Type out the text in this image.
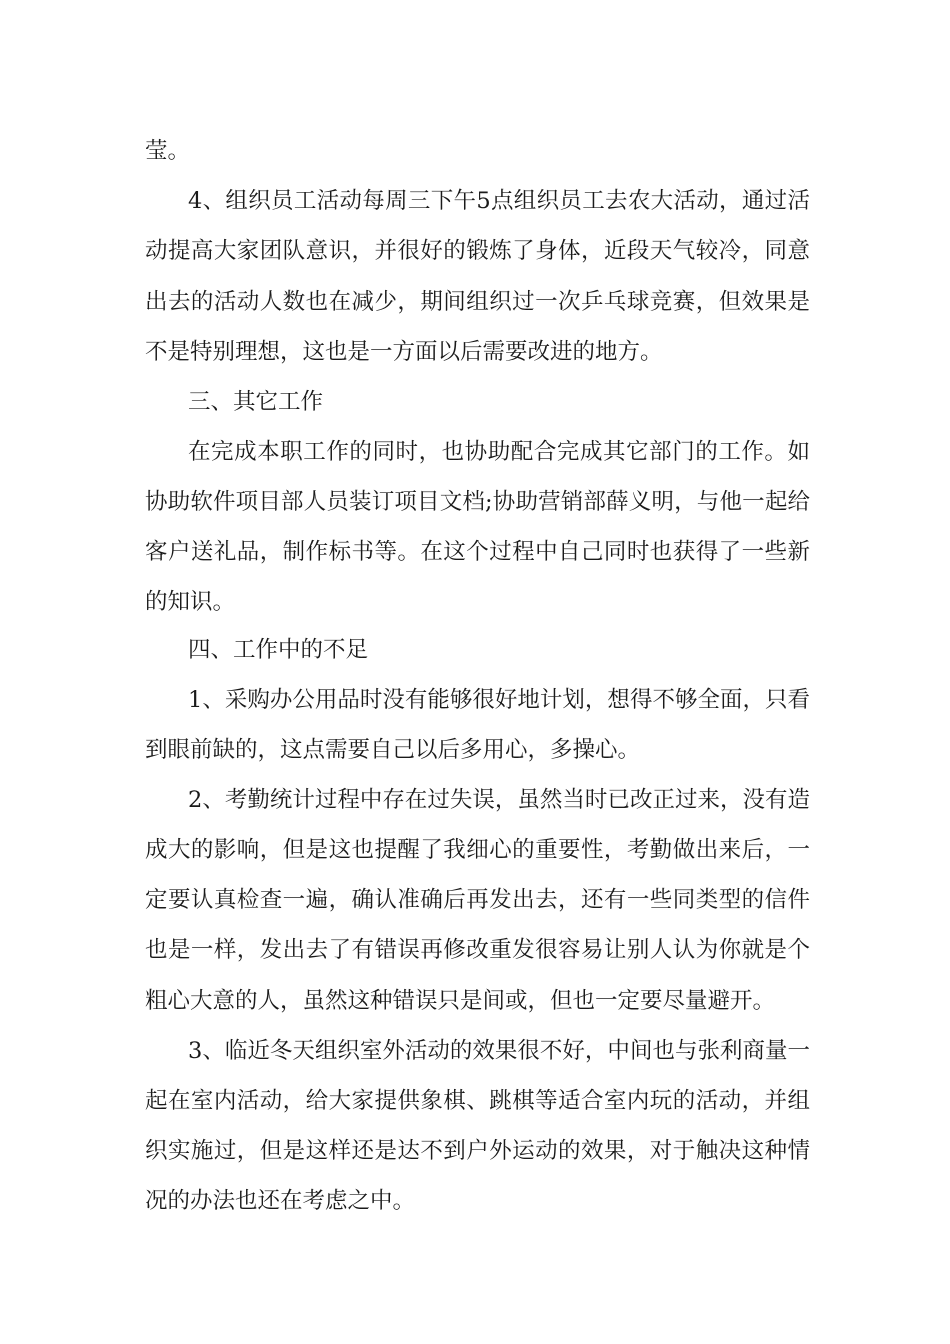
莹。
4、组织员工活动每周三下午5点组织员工去农大活动，通过活
动提高大家团队意识，并很好的锻炼了身体，近段天气较冷，同意
出去的活动人数也在减少，期间组织过一次乒乓球竞赛，但效果是
不是特别理想，这也是一方面以后需要改进的地方。
三、其它工作
在完成本职工作的同时，也协助配合完成其它部门的工作。如
协助软件项目部人员装订项目文档;协助营销部薛义明，与他一起给
客户送礼品，制作标书等。在这个过程中自己同时也获得了一些新
的知识。
四、工作中的不足
1、采购办公用品时没有能够很好地计划，想得不够全面，只看
到眼前缺的，这点需要自己以后多用心，多操心。
2、考勤统计过程中存在过失误，虽然当时已改正过来，没有造
成大的影响，但是这也提醒了我细心的重要性，考勤做出来后，一
定要认真检查一遍，确认准确后再发出去，还有一些同类型的信件
也是一样，发出去了有错误再修改重发很容易让别人认为你就是个
粗心大意的人，虽然这种错误只是间或，但也一定要尽量避开。
3、临近冬天组织室外活动的效果很不好，中间也与张利商量一
起在室内活动，给大家提供象棋、跳棋等适合室内玩的活动，并组
织实施过，但是这样还是达不到户外运动的效果，对于触决这种情
况的办法也还在考虑之中。
